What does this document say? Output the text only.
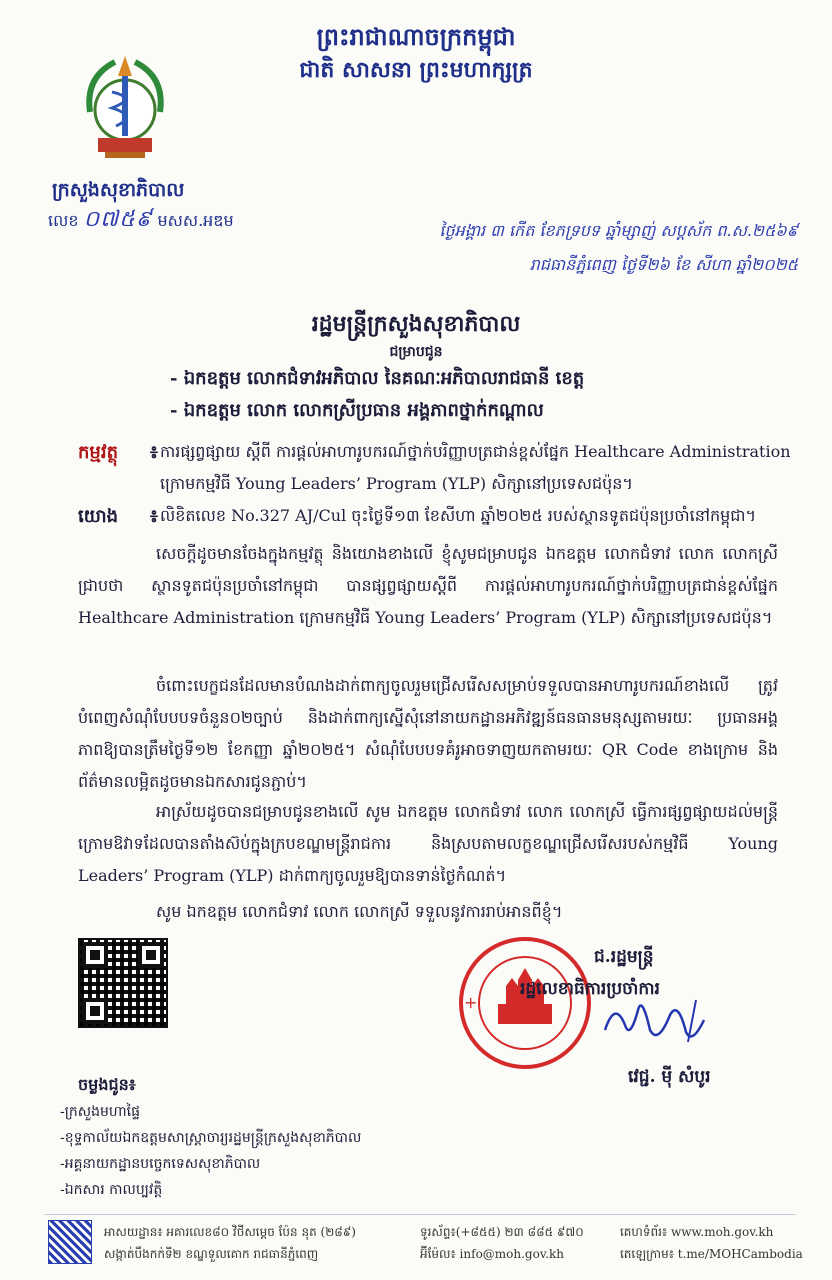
ព្រះរាជាណាចក្រកម្ពុជា
ជាតិ សាសនា ព្រះមហាក្សត្រ
ក្រសួងសុខាភិបាល
លេខ ០៧៥៩ មសស.អឌម
ថ្ងៃអង្គារ ៣ កើត ខែភទ្របទ ឆ្នាំម្សាញ់ សប្តស័ក ព.ស.២៥៦៩
រាជធានីភ្នំពេញ ថ្ងៃទី២៦ ខែ សីហា ឆ្នាំ២០២៥
រដ្ឋមន្ត្រីក្រសួងសុខាភិបាល
ជម្រាបជូន
- ឯកឧត្តម លោកជំទាវអភិបាល នៃគណៈអភិបាលរាជធានី ខេត្ត
- ឯកឧត្តម លោក លោកស្រីប្រធាន អង្គភាពថ្នាក់កណ្ដាល
កម្មវត្ថុ ៖ ការផ្សព្វផ្សាយ ស្តីពី ការផ្តល់អាហារូបករណ៍ថ្នាក់បរិញ្ញាបត្រជាន់ខ្ពស់ផ្នែក Healthcare Administration ក្រោមកម្មវិធី Young Leaders’ Program (YLP) សិក្សានៅប្រទេសជប៉ុន។
យោង ៖ លិខិតលេខ No.327 AJ/Cul ចុះថ្ងៃទី១៣ ខែសីហា ឆ្នាំ២០២៥ របស់ស្ថានទូតជប៉ុនប្រចាំនៅកម្ពុជា។
សេចក្តីដូចមានចែងក្នុងកម្មវត្ថុ និងយោងខាងលើ ខ្ញុំសូមជម្រាបជូន ឯកឧត្តម លោកជំទាវ លោក លោកស្រី ជ្រាបថា ស្ថានទូតជប៉ុនប្រចាំនៅកម្ពុជា បានផ្សព្វផ្សាយស្តីពី ការផ្តល់អាហារូបករណ៍ថ្នាក់បរិញ្ញាបត្រជាន់ខ្ពស់ផ្នែក Healthcare Administration ក្រោមកម្មវិធី Young Leaders’ Program (YLP) សិក្សានៅប្រទេសជប៉ុន។
ចំពោះបេក្ខជនដែលមានបំណងដាក់ពាក្យចូលរួមជ្រើសរើសសម្រាប់ទទួលបានអាហារូបករណ៍ខាងលើ ត្រូវបំពេញសំណុំបែបបទចំនួន០២ច្បាប់ និងដាក់ពាក្យស្នើសុំនៅនាយកដ្ឋានអភិវឌ្ឍន៍ធនធានមនុស្សតាមរយៈ ប្រធានអង្គភាពឱ្យបានត្រឹមថ្ងៃទី១២ ខែកញ្ញា ឆ្នាំ២០២៥។ សំណុំបែបបទគំរូអាចទាញយកតាមរយៈ QR Code ខាងក្រោម និងព័ត៌មានលម្អិតដូចមានឯកសារជូនភ្ជាប់។
អាស្រ័យដូចបានជម្រាបជូនខាងលើ សូម ឯកឧត្តម លោកជំទាវ លោក លោកស្រី ធ្វើការផ្សព្វផ្សាយដល់មន្ត្រីក្រោមឱវាទដែលបានតាំងស៊ប់ក្នុងក្របខណ្ឌមន្ត្រីរាជការ និងស្របតាមលក្ខខណ្ឌជ្រើសរើសរបស់កម្មវិធី Young Leaders’ Program (YLP) ដាក់ពាក្យចូលរួមឱ្យបានទាន់ថ្ងៃកំណត់។
សូម ឯកឧត្តម លោកជំទាវ លោក លោកស្រី ទទួលនូវការរាប់អានពីខ្ញុំ។
+
ជ.រដ្ឋមន្ត្រី
រដ្ឋលេខាធិការប្រចាំការ
វេជ្ជ. ម៉ី សំបូរ
ចម្លងជូន៖
-ក្រសួងមហាផ្ទៃ
-ខុទ្ទកាល័យឯកឧត្តមសាស្ត្រាចារ្យរដ្ឋមន្ត្រីក្រសួងសុខាភិបាល
-អគ្គនាយកដ្ឋានបច្ចេកទេសសុខាភិបាល
-ឯកសារ កាលប្បវត្តិ
អាសយដ្ឋាន៖ អគារលេខ៨០ វិថីសម្តេច ប៉ែន នុត (២៨៩)
សង្កាត់បឹងកក់ទី២ ខណ្ឌទួលគោក រាជធានីភ្នំពេញ
ទូរស័ព្ទ៖(+៨៥៥) ២៣ ៨៨៥ ៩៧០
អ៊ីម៉ែល៖ info@moh.gov.kh
គេហទំព័រ៖ www.moh.gov.kh
តេឡេក្រាម៖ t.me/MOHCambodia
